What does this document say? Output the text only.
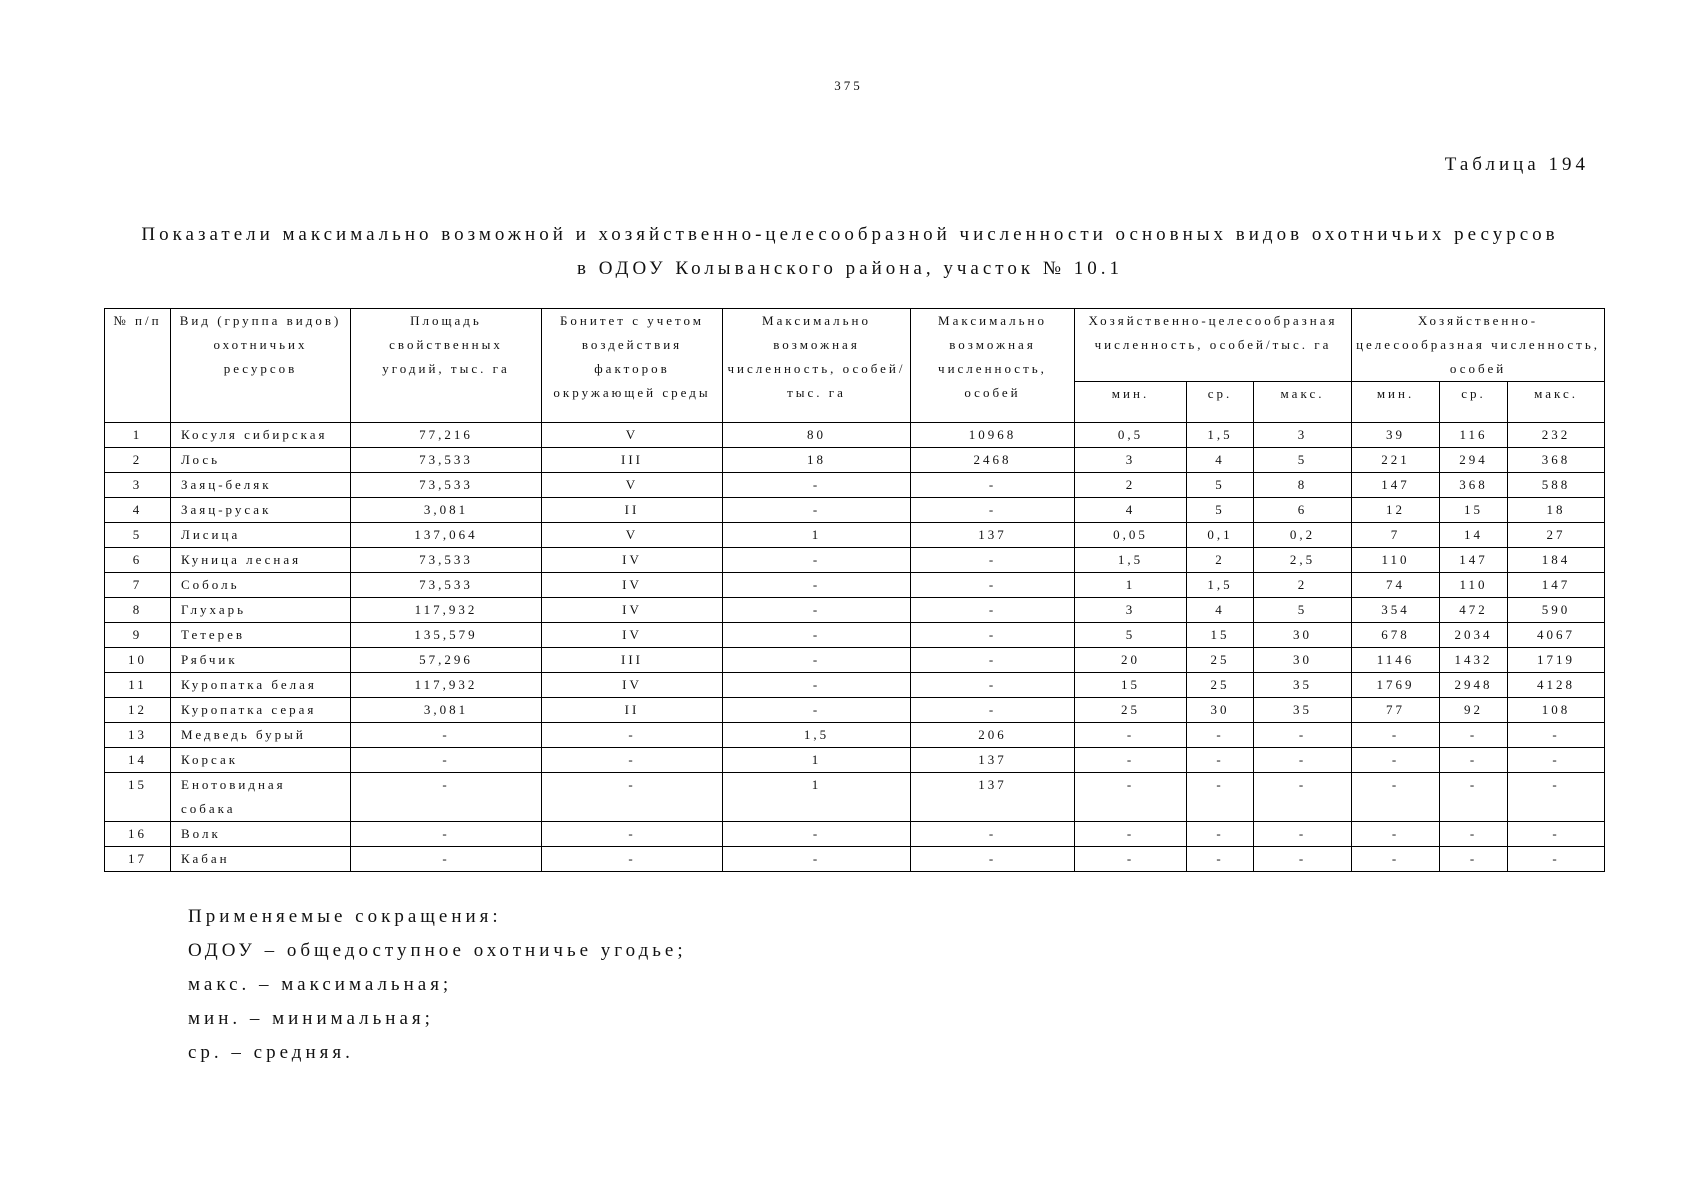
375
Таблица 194
Показатели максимально возможной и хозяйственно-целесообразной численности основных видов охотничьих ресурсов
в ОДОУ Колыванского района, участок № 10.1
№ п/п	Вид (группа видов) охотничьих ресурсов	Площадь свойственных угодий, тыс. га	Бонитет с учетом воздействия факторов окружающей среды	Максимально возможная численность, особей/тыс. га	Максимально возможная численность, особей	Хозяйственно-целесообразная численность, особей/тыс. га			Хозяйственно-целесообразная численность, особей		
						мин.	ср.	макс.	мин.	ср.	макс.
1	Косуля сибирская	77,216	V	80	10968	0,5	1,5	3	39	116	232
2	Лось	73,533	III	18	2468	3	4	5	221	294	368
3	Заяц-беляк	73,533	V	-	-	2	5	8	147	368	588
4	Заяц-русак	3,081	II	-	-	4	5	6	12	15	18
5	Лисица	137,064	V	1	137	0,05	0,1	0,2	7	14	27
6	Куница лесная	73,533	IV	-	-	1,5	2	2,5	110	147	184
7	Соболь	73,533	IV	-	-	1	1,5	2	74	110	147
8	Глухарь	117,932	IV	-	-	3	4	5	354	472	590
9	Тетерев	135,579	IV	-	-	5	15	30	678	2034	4067
10	Рябчик	57,296	III	-	-	20	25	30	1146	1432	1719
11	Куропатка белая	117,932	IV	-	-	15	25	35	1769	2948	4128
12	Куропатка серая	3,081	II	-	-	25	30	35	77	92	108
13	Медведь бурый	-	-	1,5	206	-	-	-	-	-	-
14	Корсак	-	-	1	137	-	-	-	-	-	-
15	Енотовидная собака	-	-	1	137	-	-	-	-	-	-
16	Волк	-	-	-	-	-	-	-	-	-	-
17	Кабан	-	-	-	-	-	-	-	-	-	-
Применяемые сокращения:
ОДОУ – общедоступное охотничье угодье;
макс. – максимальная;
мин. – минимальная;
ср. – средняя.
